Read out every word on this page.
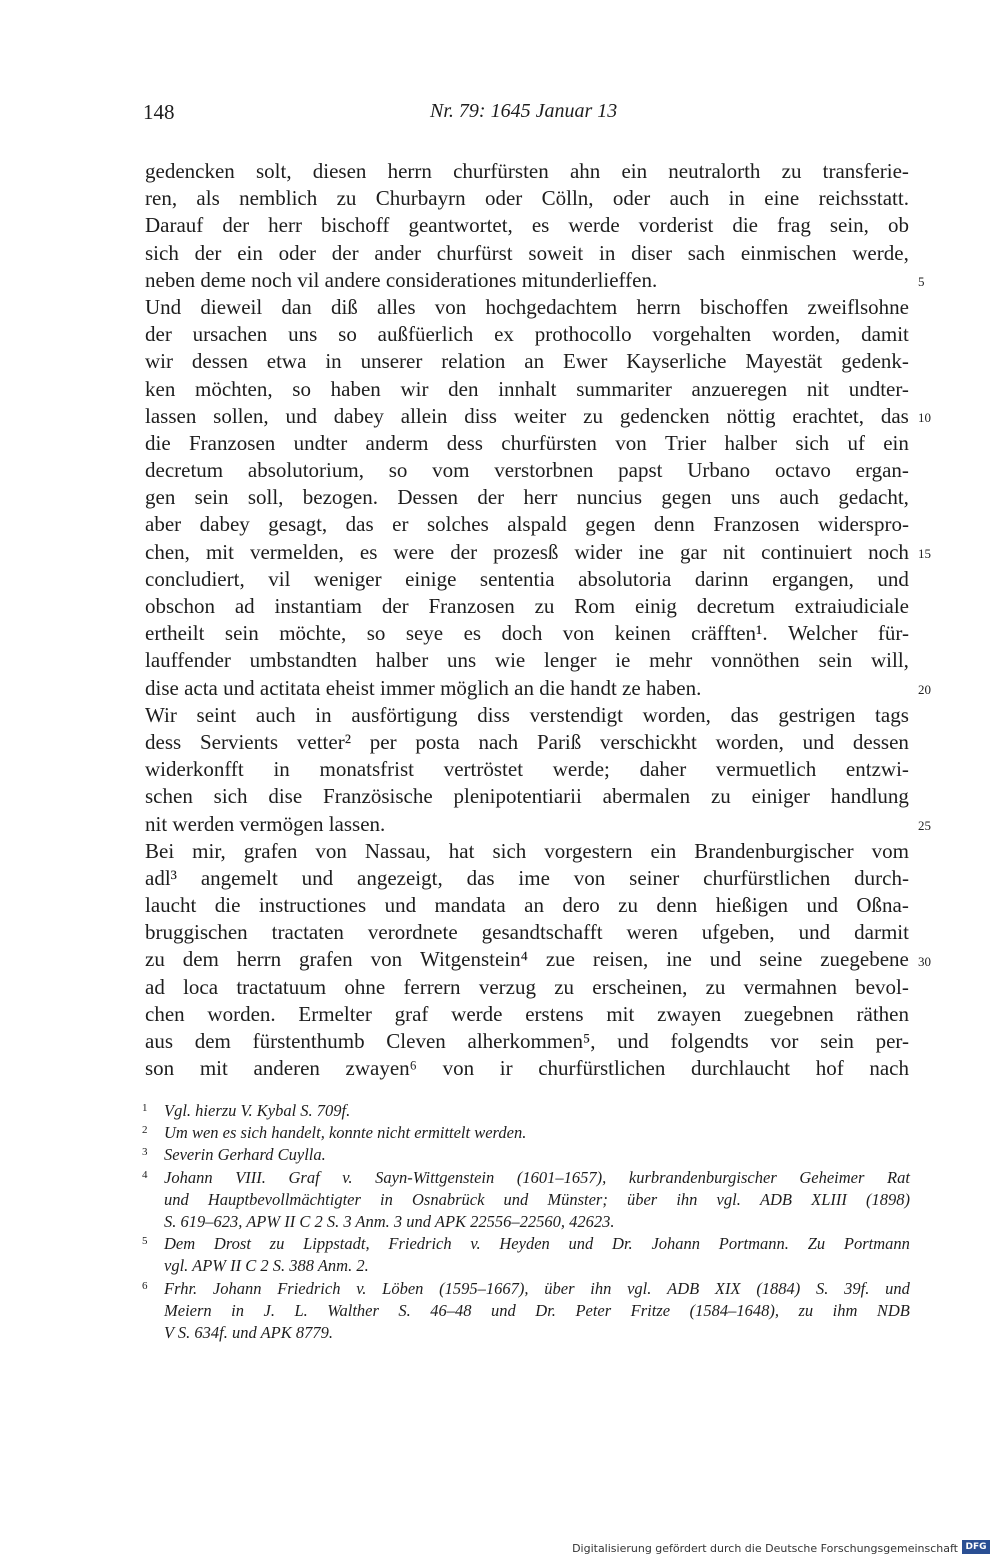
148	Nr. 79: 1645 Januar 13
gedencken solt, diesen herrn churfürsten ahn ein neutralorth zu transferie-
ren, als nemblich zu Churbayrn oder Cölln, oder auch in eine reichsstatt.
Darauf der herr bischoff geantwortet, es werde vorderist die frag sein, ob
sich der ein oder der ander churfürst soweit in diser sach einmischen werde,
neben deme noch vil andere considerationes mitunderlieffen.
Und dieweil dan diß alles von hochgedachtem herrn bischoffen zweiflsohne
der ursachen uns so außfüerlich ex prothocollo vorgehalten worden, damit
wir dessen etwa in unserer relation an Ewer Kayserliche Mayestät gedenk-
ken möchten, so haben wir den innhalt summariter anzueregen nit undter-
lassen sollen, und dabey allein diss weiter zu gedencken nöttig erachtet, das
die Franzosen undter anderm dess churfürsten von Trier halber sich uf ein
decretum absolutorium, so vom verstorbnen papst Urbano octavo ergan-
gen sein soll, bezogen. Dessen der herr nuncius gegen uns auch gedacht,
aber dabey gesagt, das er solches alspald gegen denn Franzosen widerspro-
chen, mit vermelden, es were der prozesß wider ine gar nit continuiert noch
concludiert, vil weniger einige sententia absolutoria darinn ergangen, und
obschon ad instantiam der Franzosen zu Rom einig decretum extraiudiciale
ertheilt sein möchte, so seye es doch von keinen cräfften¹. Welcher für-
lauffender umbstandten halber uns wie lenger ie mehr vonnöthen sein will,
dise acta und actitata eheist immer möglich an die handt ze haben.
Wir seint auch in ausförtigung diss verstendigt worden, das gestrigen tags
dess Servients vetter² per posta nach Pariß verschickht worden, und dessen
widerkonfft in monatsfrist vertröstet werde; daher vermuetlich entzwi-
schen sich dise Französische plenipotentiarii abermalen zu einiger handlung
nit werden vermögen lassen.
Bei mir, grafen von Nassau, hat sich vorgestern ein Brandenburgischer vom
adl³ angemelt und angezeigt, das ime von seiner churfürstlichen durch-
laucht die instructiones und mandata an dero zu denn hießigen und Oßna-
bruggischen tractaten verordnete gesandtschafft weren ufgeben, und darmit
zu dem herrn grafen von Witgenstein⁴ zue reisen, ine und seine zuegebene
ad loca tractatuum ohne ferrern verzug zu erscheinen, zu vermahnen bevol-
chen worden. Ermelter graf werde erstens mit zwayen zuegebnen räthen
aus dem fürstenthumb Cleven alherkommen⁵, und folgendts vor sein per-
son mit anderen zwayen⁶ von ir churfürstlichen durchlaucht hof nach
5
10
15
20
25
30
1 Vgl. hierzu V. Kybal S. 709f.
2 Um wen es sich handelt, konnte nicht ermittelt werden.
3 Severin Gerhard Cuylla.
4 Johann VIII. Graf v. Sayn-Wittgenstein (1601–1657), kurbrandenburgischer Geheimer Rat
und Hauptbevollmächtigter in Osnabrück und Münster; über ihn vgl. ADB XLIII (1898)
S. 619–623, APW II C 2 S. 3 Anm. 3 und APK 22556–22560, 42623.
5 Dem Drost zu Lippstadt, Friedrich v. Heyden und Dr. Johann Portmann. Zu Portmann
vgl. APW II C 2 S. 388 Anm. 2.
6 Frhr. Johann Friedrich v. Löben (1595–1667), über ihn vgl. ADB XIX (1884) S. 39f. und
Meiern in J. L. Walther S. 46–48 und Dr. Peter Fritze (1584–1648), zu ihm NDB
V S. 634f. und APK 8779.
Digitalisierung gefördert durch die Deutsche Forschungsgemeinschaft DFG
